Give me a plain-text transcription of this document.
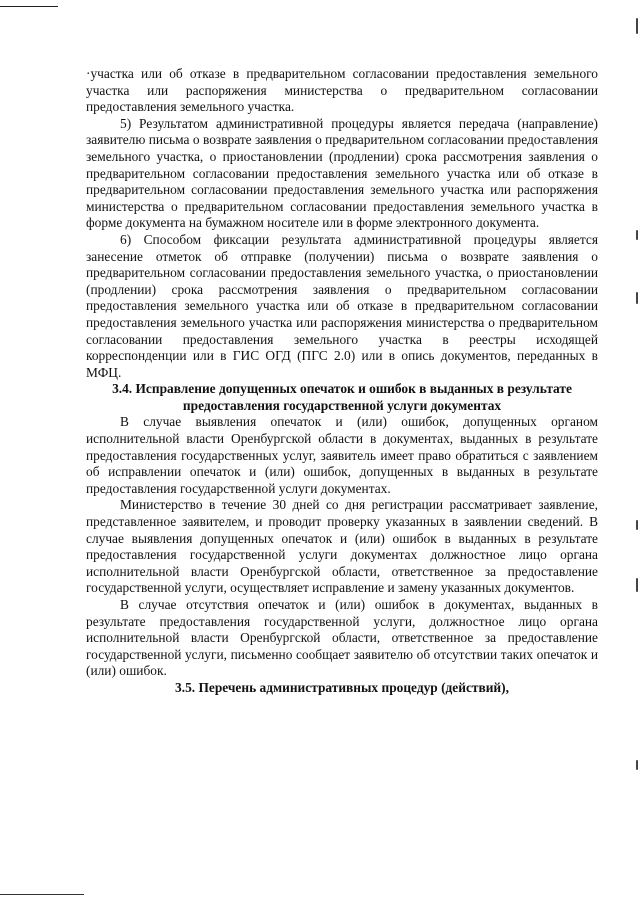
·участка или об отказе в предварительном согласовании предоставления земельного участка или распоряжения министерства о предварительном согласовании предоставления земельного участка.

5) Результатом административной процедуры является передача (направление) заявителю письма о возврате заявления о предварительном согласовании предоставления земельного участка, о приостановлении (продлении) срока рассмотрения заявления о предварительном согласовании предоставления земельного участка или об отказе в предварительном согласовании предоставления земельного участка или распоряжения министерства о предварительном согласовании предоставления земельного участка в форме документа на бумажном носителе или в форме электронного документа.

6) Способом фиксации результата административной процедуры является занесение отметок об отправке (получении) письма о возврате заявления о предварительном согласовании предоставления земельного участка, о приостановлении (продлении) срока рассмотрения заявления о предварительном согласовании предоставления земельного участка или об отказе в предварительном согласовании предоставления земельного участка или распоряжения министерства о предварительном согласовании предоставления земельного участка в реестры исходящей корреспонденции или в ГИС ОГД (ПГС 2.0) или в опись документов, переданных в МФЦ.

3.4. Исправление допущенных опечаток и ошибок в выданных в результате предоставления государственной услуги документах

В случае выявления опечаток и (или) ошибок, допущенных органом исполнительной власти Оренбургской области в документах, выданных в результате предоставления государственных услуг, заявитель имеет право обратиться с заявлением об исправлении опечаток и (или) ошибок, допущенных в выданных в результате предоставления государственной услуги документах.

Министерство в течение 30 дней со дня регистрации рассматривает заявление, представленное заявителем, и проводит проверку указанных в заявлении сведений. В случае выявления допущенных опечаток и (или) ошибок в выданных в результате предоставления государственной услуги документах должностное лицо органа исполнительной власти Оренбургской области, ответственное за предоставление государственной услуги, осуществляет исправление и замену указанных документов.

В случае отсутствия опечаток и (или) ошибок в документах, выданных в результате предоставления государственной услуги, должностное лицо органа исполнительной власти Оренбургской области, ответственное за предоставление государственной услуги, письменно сообщает заявителю об отсутствии таких опечаток и (или) ошибок.

3.5. Перечень административных процедур (действий),
